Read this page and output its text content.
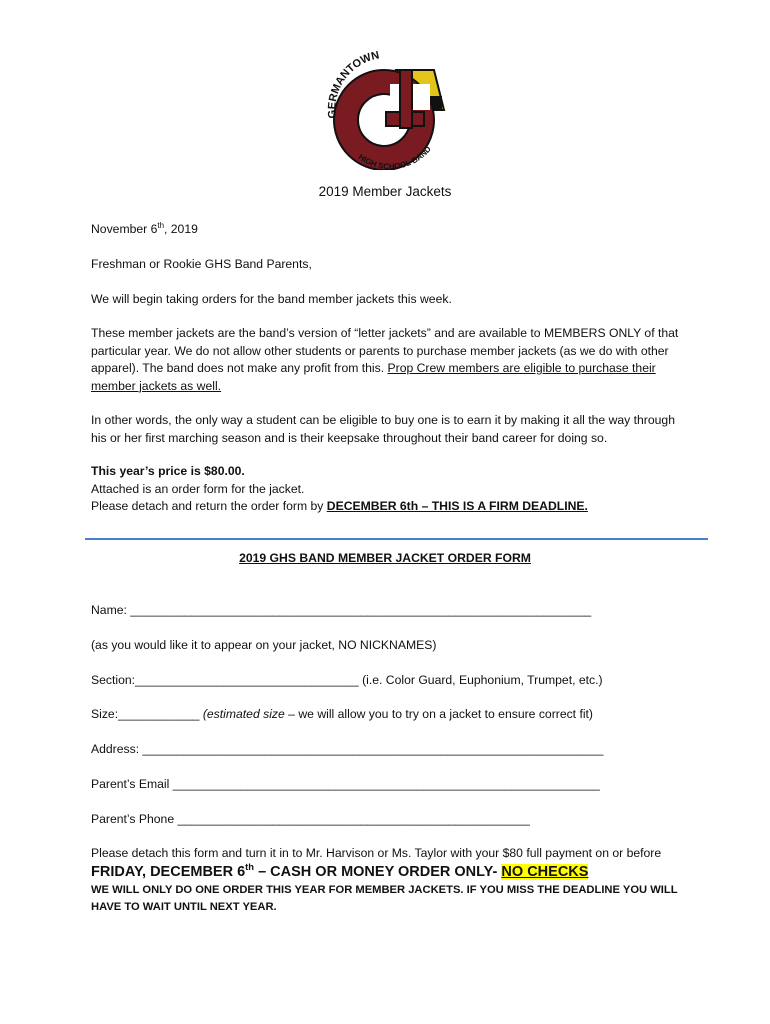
GERMANTOWN
HIGH SCHOOL BAND
2019 Member Jackets
November 6th, 2019
Freshman or Rookie GHS Band Parents,
We will begin taking orders for the band member jackets this week.
These member jackets are the band’s version of “letter jackets” and are available to MEMBERS ONLY of that particular year. We do not allow other students or parents to purchase member jackets (as we do with other apparel). The band does not make any profit from this. Prop Crew members are eligible to purchase their member jackets as well.
In other words, the only way a student can be eligible to buy one is to earn it by making it all the way through his or her first marching season and is their keepsake throughout their band career for doing so.
This year’s price is $80.00.
Attached is an order form for the jacket.
Please detach and return the order form by DECEMBER 6th – THIS IS A FIRM DEADLINE.
2019 GHS BAND MEMBER JACKET ORDER FORM
Name: ____________________________________________________________________
(as you would like it to appear on your jacket, NO NICKNAMES)
Section:_________________________________ (i.e. Color Guard, Euphonium, Trumpet, etc.)
Size:____________ (estimated size – we will allow you to try on a jacket to ensure correct fit)
Address: ____________________________________________________________________
Parent’s Email _______________________________________________________________
Parent’s Phone ____________________________________________________
Please detach this form and turn it in to Mr. Harvison or Ms. Taylor with your $80 full payment on or before
FRIDAY, DECEMBER 6th – CASH OR MONEY ORDER ONLY- NO CHECKS
WE WILL ONLY DO ONE ORDER THIS YEAR FOR MEMBER JACKETS. IF YOU MISS THE DEADLINE YOU WILL HAVE TO WAIT UNTIL NEXT YEAR.
